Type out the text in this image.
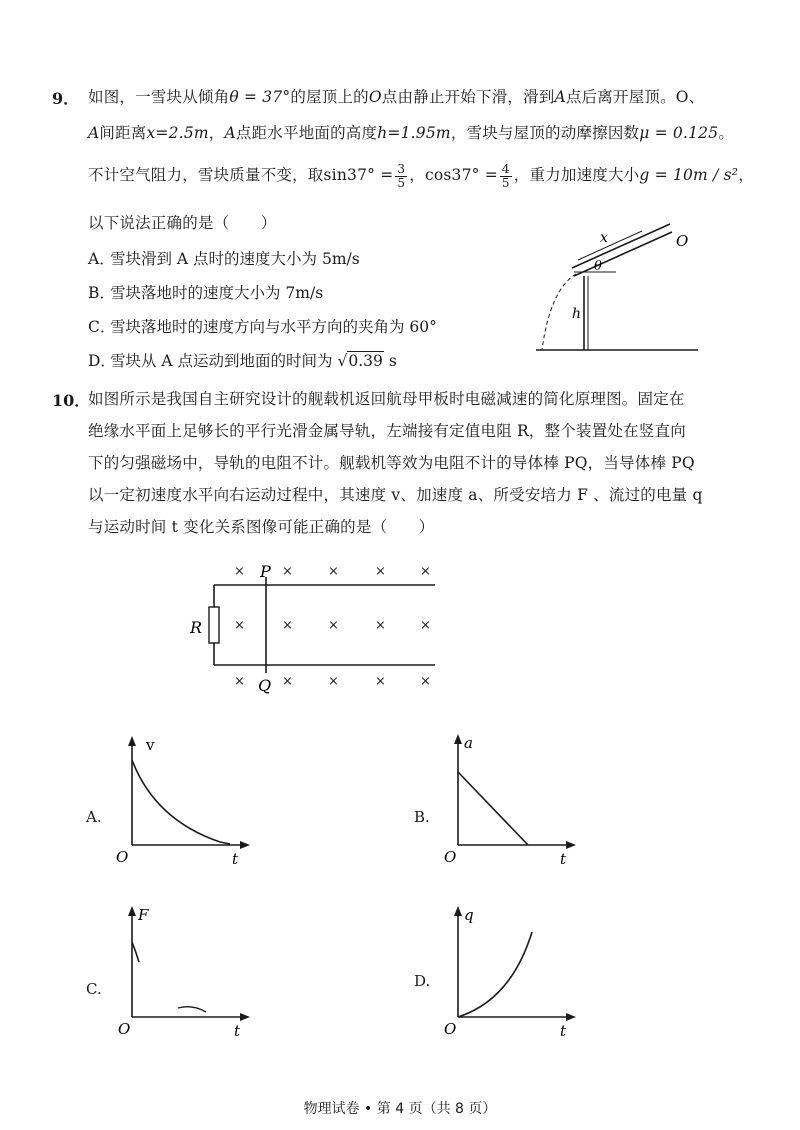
9． 如图，一雪块从倾角θ = 37°的屋顶上的O点由静止开始下滑，滑到A点后离开屋顶。O、
A间距离x=2.5m，A点距水平地面的高度h=1.95m，雪块与屋顶的动摩擦因数μ = 0.125。
不计空气阻力，雪块质量不变，取$\sin 37^\circ = \frac{3}{5}$ ，$\cos 37^\circ = \frac{4}{5}$ ，重力加速度大小g = 10m / s²，
以下说法正确的是（　　）
A．雪块滑到 A 点时的速度大小为 5m/s
B．雪块落地时的速度大小为 7m/s
C．雪块落地时的速度方向与水平方向的夹角为 60°
D．雪块从 A 点运动到地面的时间为 √0.39 s
x	O
θ
h
10．
如图所示是我国自主研究设计的舰载机返回航母甲板时电磁减速的简化原理图。固定在
绝缘水平面上足够长的平行光滑金属导轨，左端接有定值电阻 R，整个装置处在竖直向
下的匀强磁场中，导轨的电阻不计。舰载机等效为电阻不计的导体棒 PQ，当导体棒 PQ
以一定初速度水平向右运动过程中，其速度 v、加速度 a、所受安培力 F 、流过的电量 q
与运动时间 t 变化关系图像可能正确的是（　　）
R
P
Q
×	×	×	×	×
×	×	×	×	×
×	×	×	×	×
A.
v
t
O
B.
a
t
O
C.
F
t
O
D.
q
t
O
物理试卷 • 第 4 页（共 8 页）
